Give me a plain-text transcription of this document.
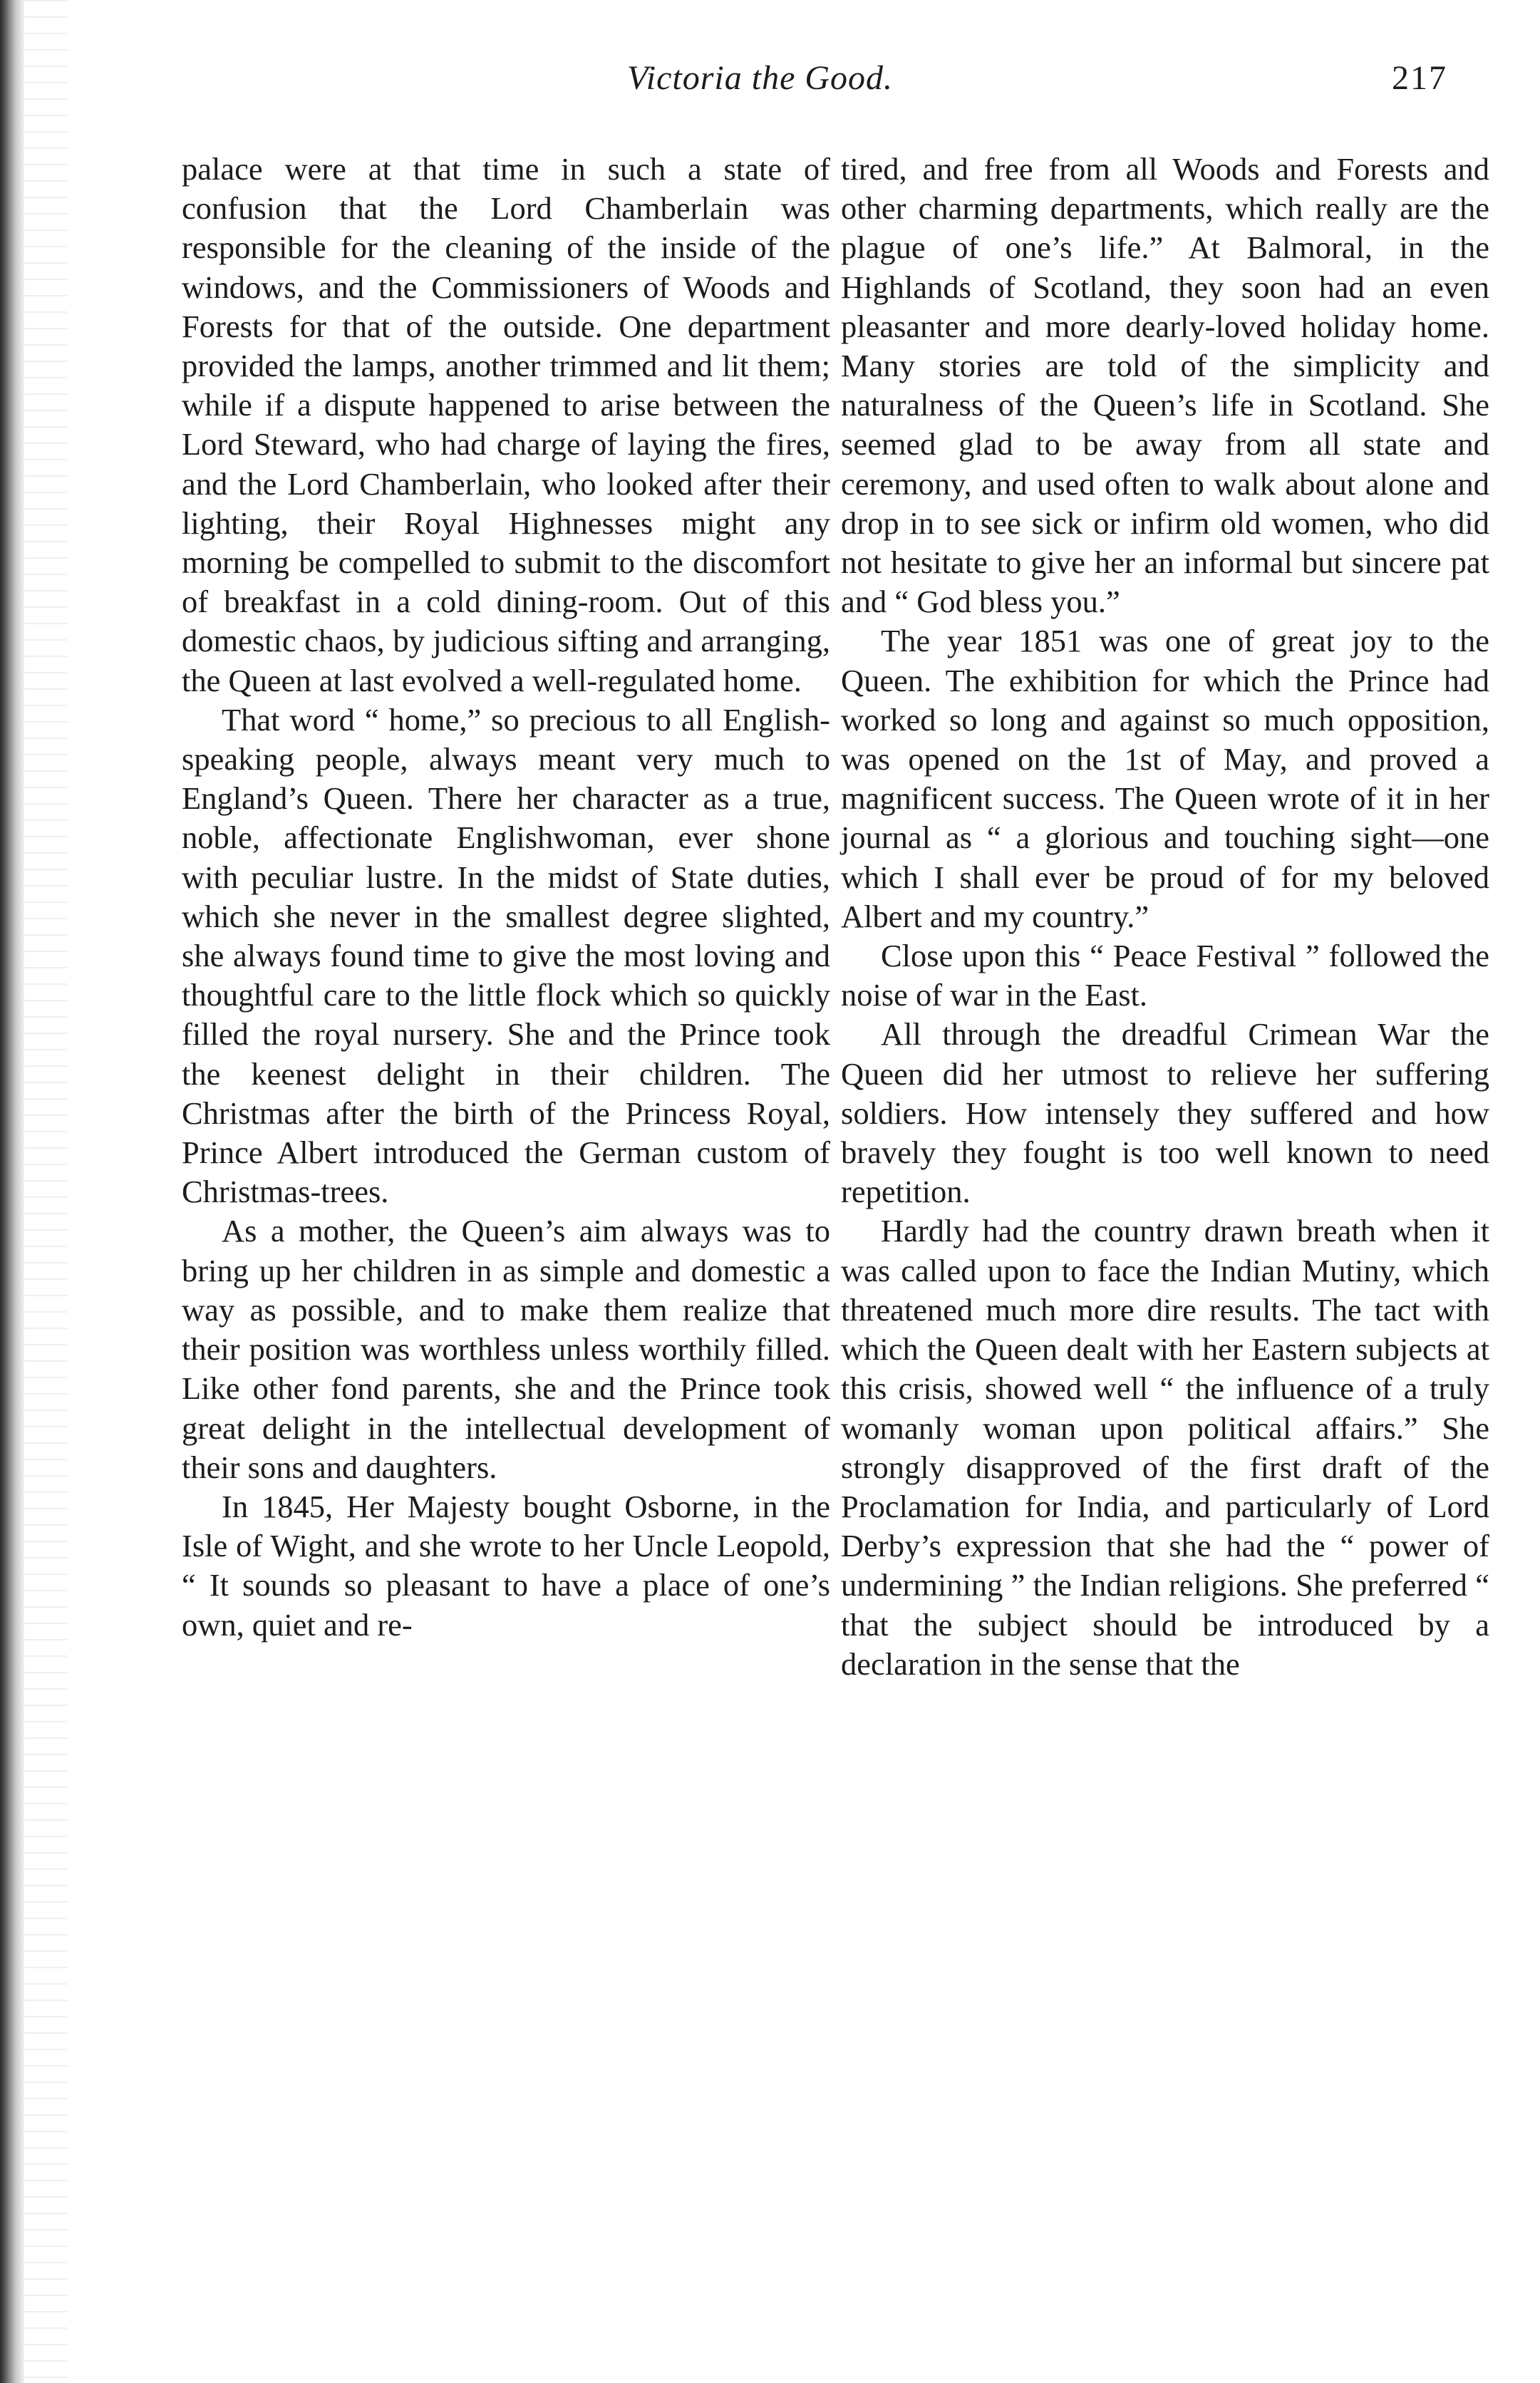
Victoria the Good.	217

palace were at that time in such a state of confusion that the Lord Chamberlain was responsible for the cleaning of the inside of the windows, and the Commissioners of Woods and Forests for that of the outside. One department provided the lamps, another trimmed and lit them; while if a dispute happened to arise between the Lord Steward, who had charge of laying the fires, and the Lord Chamberlain, who looked after their lighting, their Royal Highnesses might any morning be compelled to submit to the discomfort of breakfast in a cold dining-room. Out of this domestic chaos, by judicious sifting and arranging, the Queen at last evolved a well-regulated home.

That word “ home,” so precious to all English-speaking people, always meant very much to England’s Queen. There her character as a true, noble, affectionate Englishwoman, ever shone with peculiar lustre. In the midst of State duties, which she never in the smallest degree slighted, she always found time to give the most loving and thoughtful care to the little flock which so quickly filled the royal nursery. She and the Prince took the keenest delight in their children. The Christmas after the birth of the Princess Royal, Prince Albert introduced the German custom of Christmas-trees.

As a mother, the Queen’s aim always was to bring up her children in as simple and domestic a way as possible, and to make them realize that their position was worthless unless worthily filled. Like other fond parents, she and the Prince took great delight in the intellectual development of their sons and daughters.

In 1845, Her Majesty bought Osborne, in the Isle of Wight, and she wrote to her Uncle Leopold, “ It sounds so pleasant to have a place of one’s own, quiet and re-

tired, and free from all Woods and Forests and other charming departments, which really are the plague of one’s life.” At Balmoral, in the Highlands of Scotland, they soon had an even pleasanter and more dearly-loved holiday home. Many stories are told of the simplicity and naturalness of the Queen’s life in Scotland. She seemed glad to be away from all state and ceremony, and used often to walk about alone and drop in to see sick or infirm old women, who did not hesitate to give her an informal but sincere pat and “ God bless you.”

The year 1851 was one of great joy to the Queen. The exhibition for which the Prince had worked so long and against so much opposition, was opened on the 1st of May, and proved a magnificent success. The Queen wrote of it in her journal as “ a glorious and touching sight—one which I shall ever be proud of for my beloved Albert and my country.”

Close upon this “ Peace Festival ” followed the noise of war in the East.

All through the dreadful Crimean War the Queen did her utmost to relieve her suffering soldiers. How intensely they suffered and how bravely they fought is too well known to need repetition.

Hardly had the country drawn breath when it was called upon to face the Indian Mutiny, which threatened much more dire results. The tact with which the Queen dealt with her Eastern subjects at this crisis, showed well “ the influence of a truly womanly woman upon political affairs.” She strongly disapproved of the first draft of the Proclamation for India, and particularly of Lord Derby’s expression that she had the “ power of undermining ” the Indian religions. She preferred “ that the subject should be introduced by a declaration in the sense that the
